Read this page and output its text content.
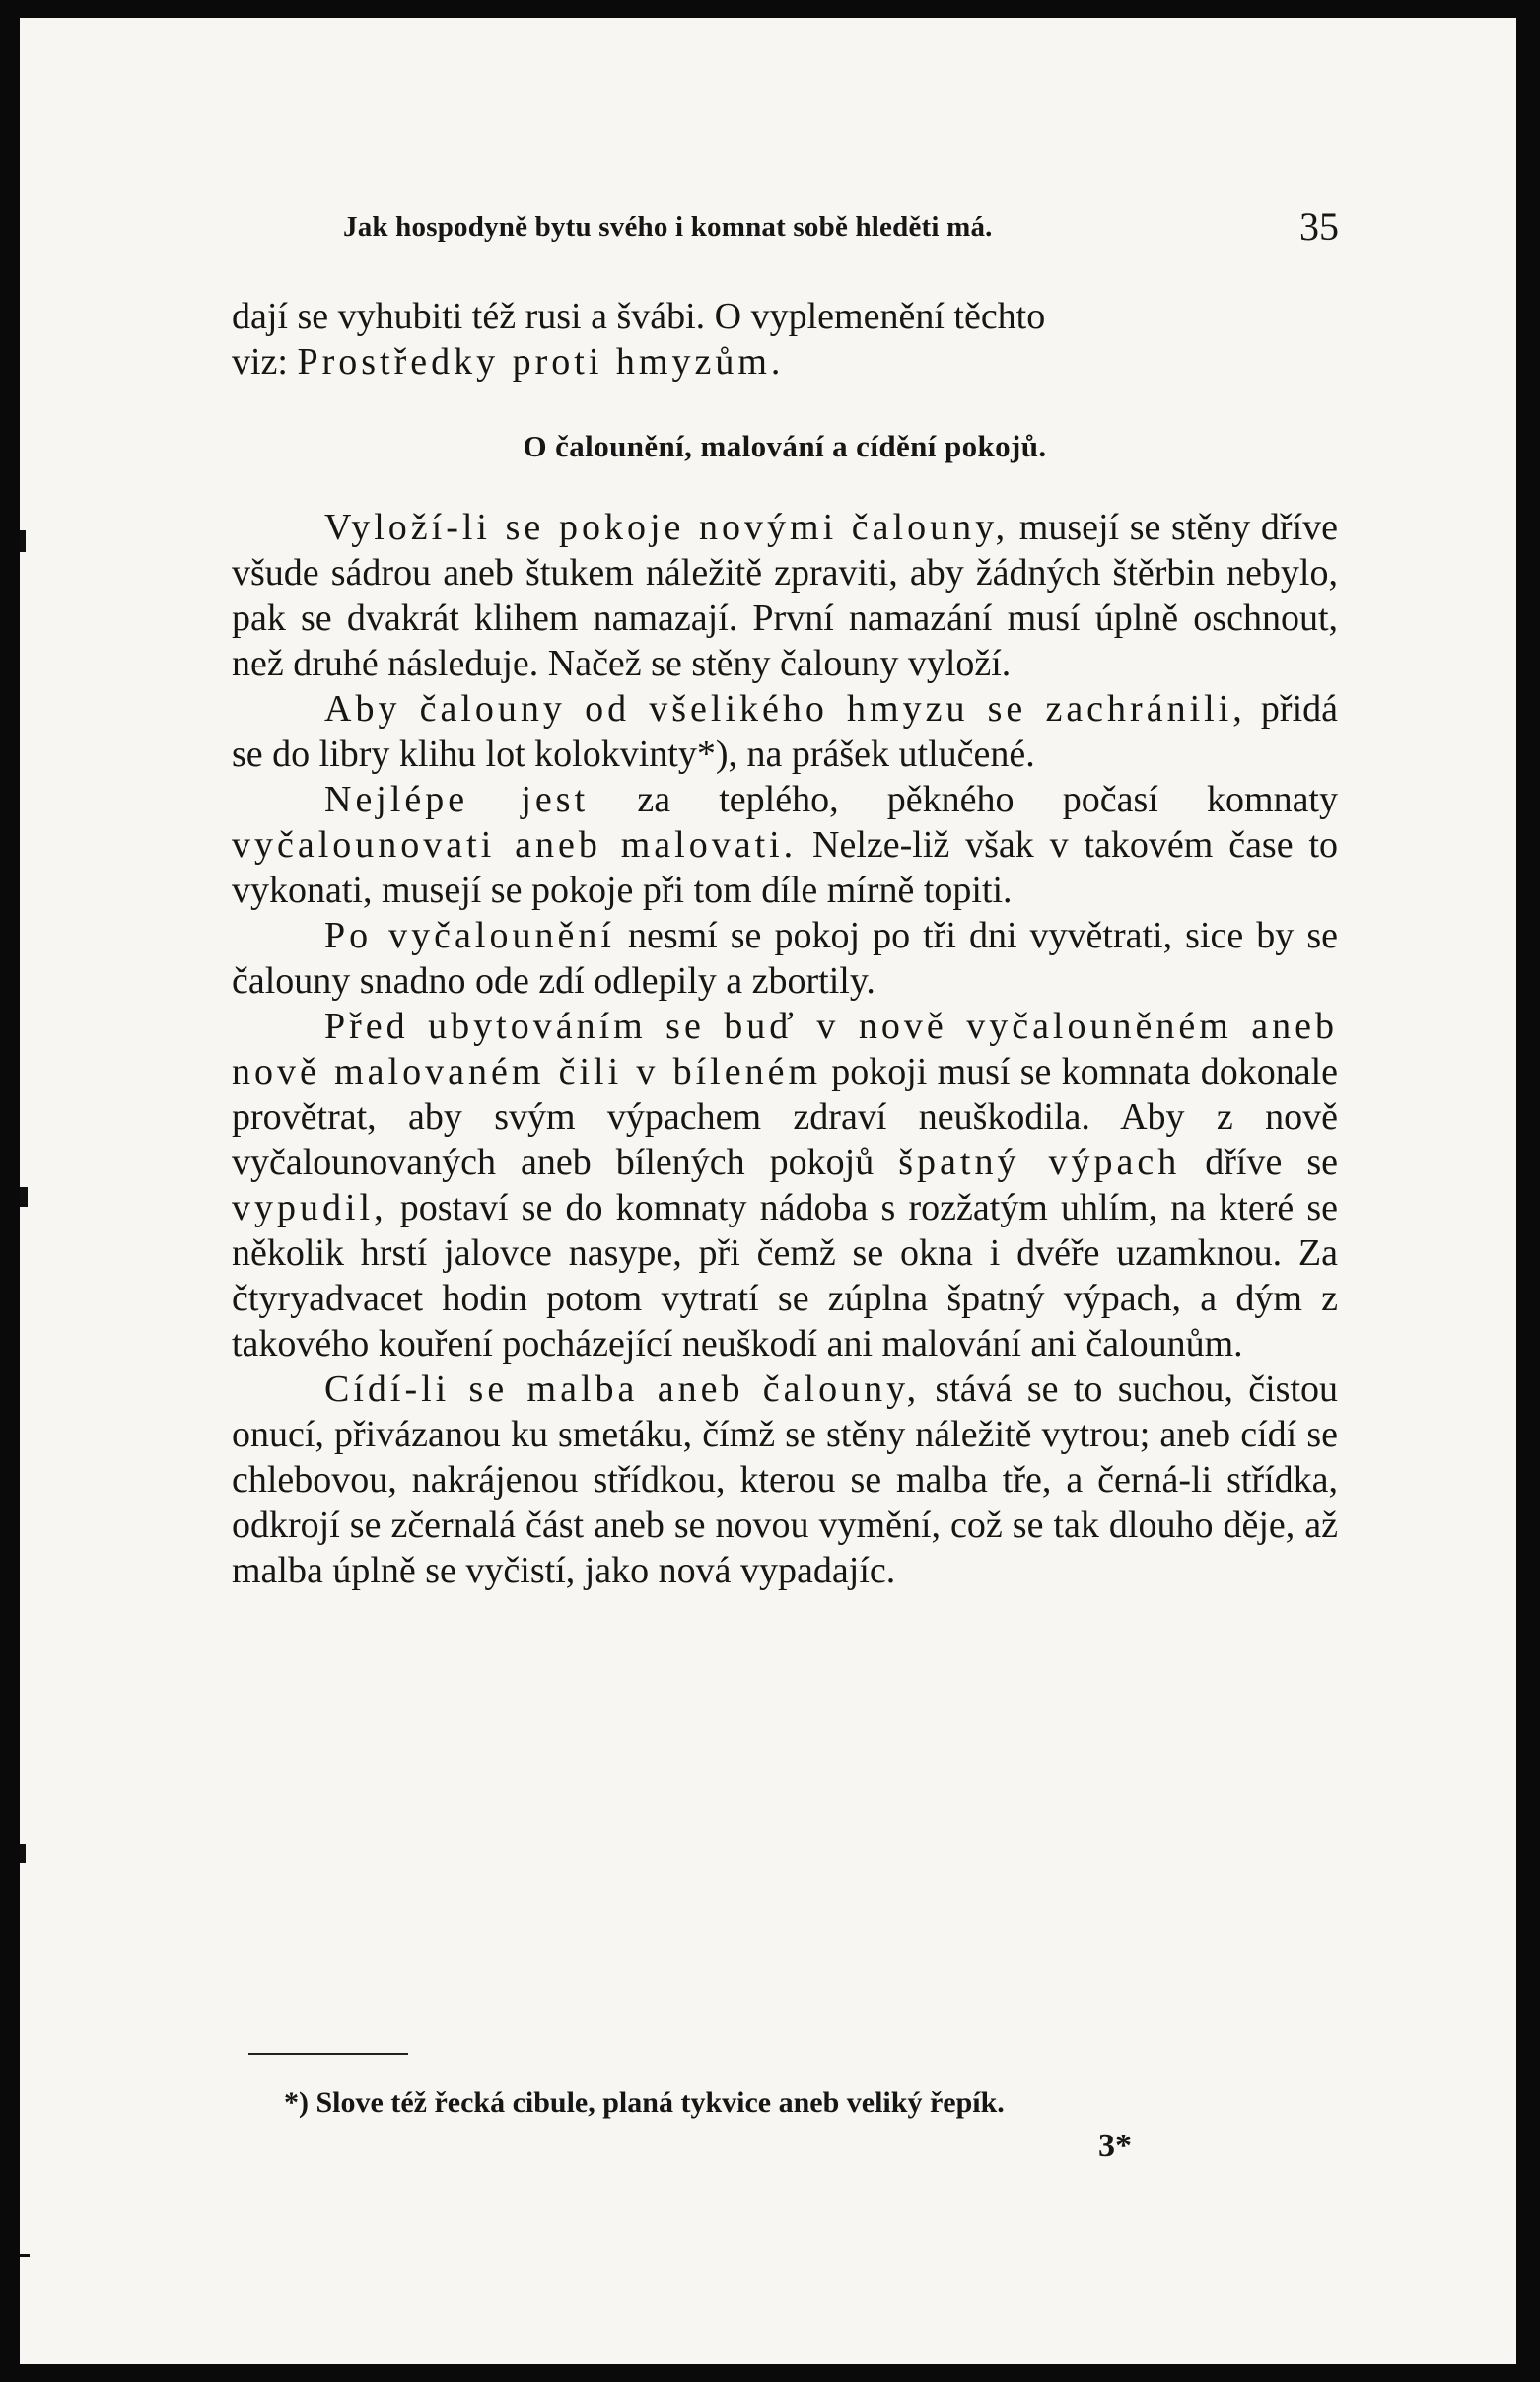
Jak hospodyně bytu svého i komnat sobě hleděti má.	35

dají se vyhubiti též rusi a švábi. O vyplemenění těchto
viz: Prostředky proti hmyzům.

O čalounění, malování a cídění pokojů.

Vyloží-li se pokoje novými čalouny, musejí se stěny dříve všude sádrou aneb štukem náležitě zpraviti, aby žádných štěrbin nebylo, pak se dvakrát klihem namazají. První namazání musí úplně oschnout, než druhé následuje. Načež se stěny čalouny vyloží.

Aby čalouny od všelikého hmyzu se zachránili, přidá se do libry klihu lot kolokvinty*), na prášek utlučené.

Nejlépe jest za teplého, pěkného počasí komnaty vyčalounovati aneb malovati. Nelze-liž však v takovém čase to vykonati, musejí se pokoje při tom díle mírně topiti.

Po vyčalounění nesmí se pokoj po tři dni vyvětrati, sice by se čalouny snadno ode zdí odlepily a zbortily.

Před ubytováním se buď v nově vyčalouněném aneb nově malovaném čili v bíleném pokoji musí se komnata dokonale provětrat, aby svým výpachem zdraví neuškodila. Aby z nově vyčalounovaných aneb bílených pokojů špatný výpach dříve se vypudil, postaví se do komnaty nádoba s rozžatým uhlím, na které se několik hrstí jalovce nasype, při čemž se okna i dvéře uzamknou. Za čtyryadvacet hodin potom vytratí se zúplna špatný výpach, a dým z takového kouření pocházející neuškodí ani malování ani čalounům.

Cídí-li se malba aneb čalouny, stává se to suchou, čistou onucí, přivázanou ku smetáku, čímž se stěny náležitě vytrou; aneb cídí se chlebovou, nakrájenou střídkou, kterou se malba tře, a černá-li střídka, odkrojí se zčernalá část aneb se novou vymění, což se tak dlouho děje, až malba úplně se vyčistí, jako nová vypadajíc.

*) Slove též řecká cibule, planá tykvice aneb veliký řepík.
3*
